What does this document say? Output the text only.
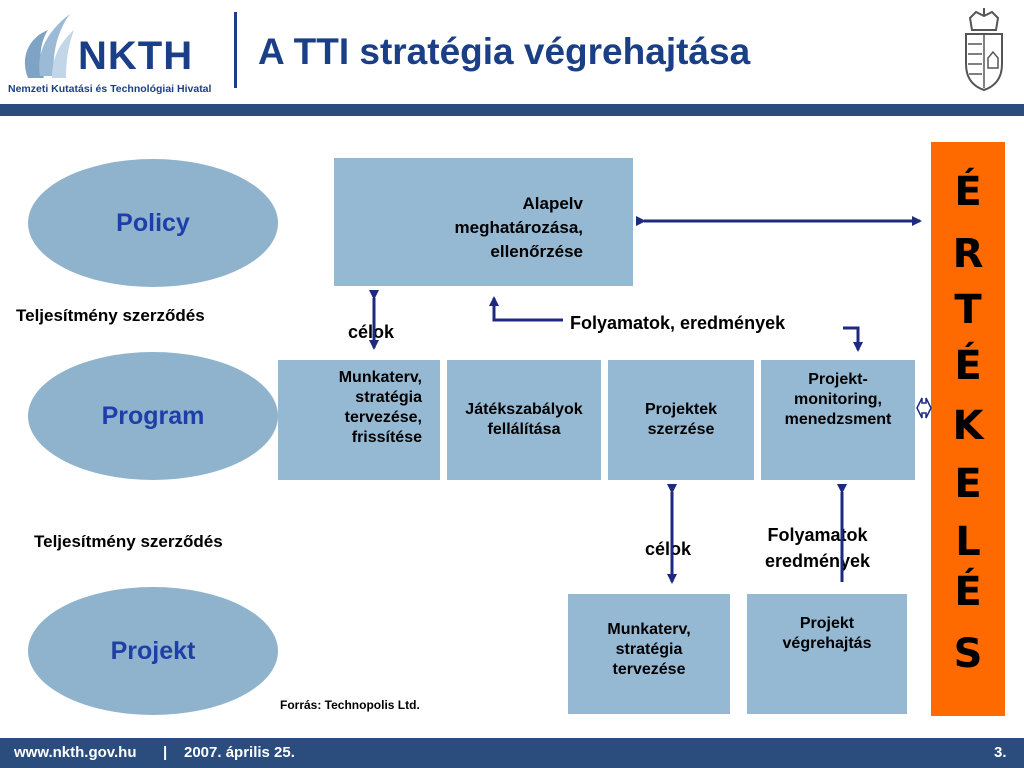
NKTH
Nemzeti Kutatási és Technológiai Hivatal
A TTI stratégia végrehajtása
Policy
Program
Projekt
Teljesítmény szerződés
Teljesítmény szerződés
Alapelv
meghatározása,
ellenőrzése
Munkaterv,
stratégia
tervezése,
frissítése
Játékszabályok
fellálítása
Projektek
szerzése
Projekt-
monitoring,
menedzsment
Munkaterv,
stratégia
tervezése
Projekt
végrehajtás
célok	Folyamatok, eredmények
célok
Folyamatok
eredmények
Forrás: Technopolis Ltd.
É
R
T
É
K
E
L
É
S
www.nkth.gov.hu | 2007. április 25.	3.
